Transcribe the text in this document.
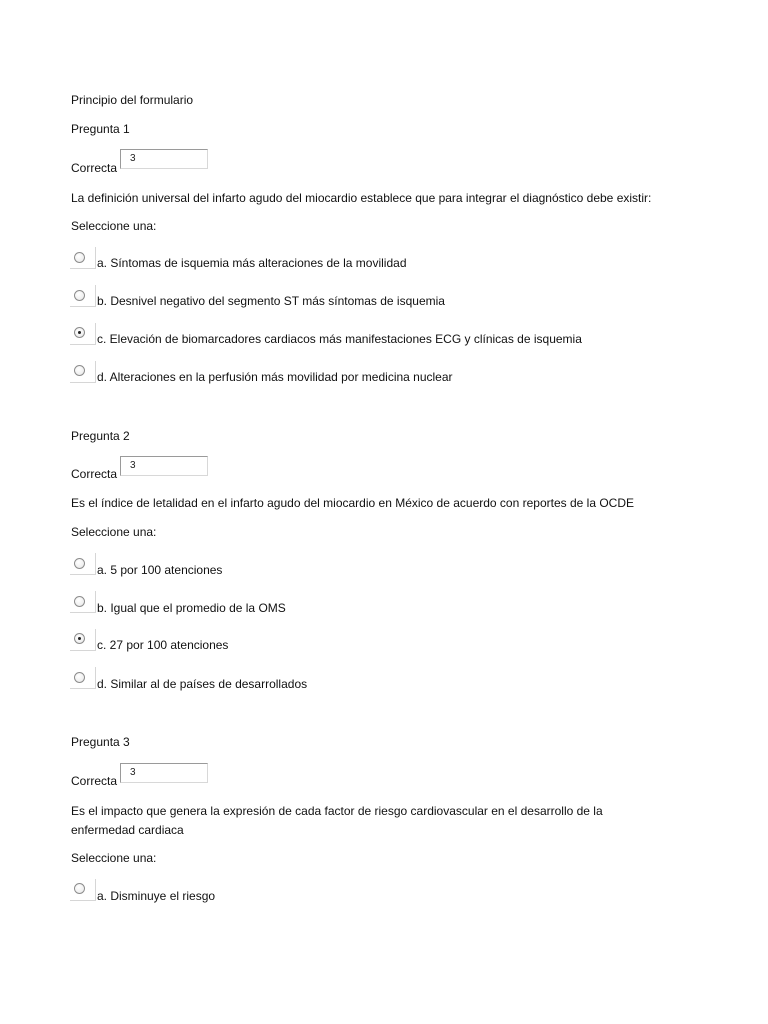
Principio del formulario
Pregunta 1
Correcta
3
La definición universal del infarto agudo del miocardio establece que para integrar el diagnóstico debe existir:
Seleccione una:
a. Síntomas de isquemia más alteraciones de la movilidad
b. Desnivel negativo del segmento ST más síntomas de isquemia
c. Elevación de biomarcadores cardiacos más manifestaciones ECG y clínicas de isquemia
d. Alteraciones en la perfusión más movilidad por medicina nuclear
Pregunta 2
Correcta
3
Es el índice de letalidad en el infarto agudo del miocardio en México de acuerdo con reportes de la OCDE
Seleccione una:
a. 5 por 100 atenciones
b. Igual que el promedio de la OMS
c. 27 por 100 atenciones
d. Similar al de países de desarrollados
Pregunta 3
Correcta
3
Es el impacto que genera la expresión de cada factor de riesgo cardiovascular en el desarrollo de la enfermedad cardiaca
Seleccione una:
a. Disminuye el riesgo
